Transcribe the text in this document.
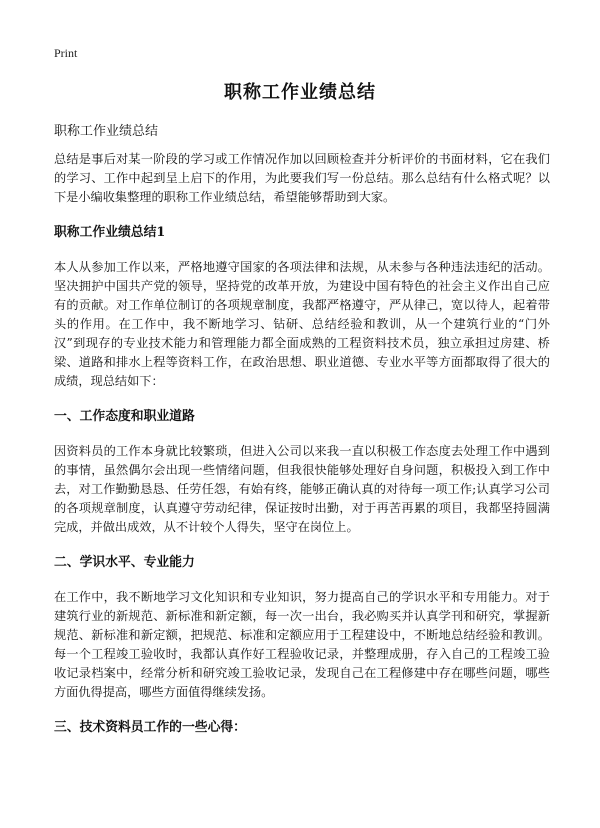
Print
职称工作业绩总结

职称工作业绩总结

总结是事后对某一阶段的学习或工作情况作加以回顾检查并分析评价的书面材料，它在我们的学习、工作中起到呈上启下的作用，为此要我们写一份总结。那么总结有什么格式呢？以下是小编收集整理的职称工作业绩总结，希望能够帮助到大家。

职称工作业绩总结1

本人从参加工作以来，严格地遵守国家的各项法律和法规，从未参与各种违法违纪的活动。坚决拥护中国共产党的领导，坚持党的改革开放，为建设中国有特色的社会主义作出自己应有的贡献。对工作单位制订的各项规章制度，我都严格遵守，严从律己，宽以待人，起着带头的作用。在工作中，我不断地学习、钻研、总结经验和教训，从一个建筑行业的“门外汉”到现存的专业技术能力和管理能力都全面成熟的工程资料技术员，独立承担过房建、桥梁、道路和排水上程等资料工作，在政治思想、职业道德、专业水平等方面都取得了很大的成绩，现总结如下：

一、工作态度和职业道路

因资料员的工作本身就比较繁琐，但进入公司以来我一直以积极工作态度去处理工作中遇到的事情，虽然偶尔会出现一些情绪问题，但我很快能够处理好自身问题，积极投入到工作中去，对工作勤勤恳恳、任劳任怨，有始有终，能够正确认真的对待每一项工作;认真学习公司的各项规章制度，认真遵守劳动纪律，保证按时出勤，对于再苦再累的项目，我都坚持圆满完成，并做出成效，从不计较个人得失，坚守在岗位上。

二、学识水平、专业能力

在工作中，我不断地学习文化知识和专业知识，努力提高自己的学识水平和专用能力。对于建筑行业的新规范、新标准和新定额，每一次一出台，我必购买并认真学刊和研究，掌握新规范、新标准和新定额，把规范、标准和定额应用于工程建设中，不断地总结经验和教训。每一个工程竣工验收时，我都认真作好工程验收记录，并整理成册，存入自己的工程竣工验收记录档案中，经常分析和研究竣工验收记录，发现自己在工程修建中存在哪些问题，哪些方面仇得提高，哪些方面值得继续发扬。

三、技术资料员工作的一些心得：
